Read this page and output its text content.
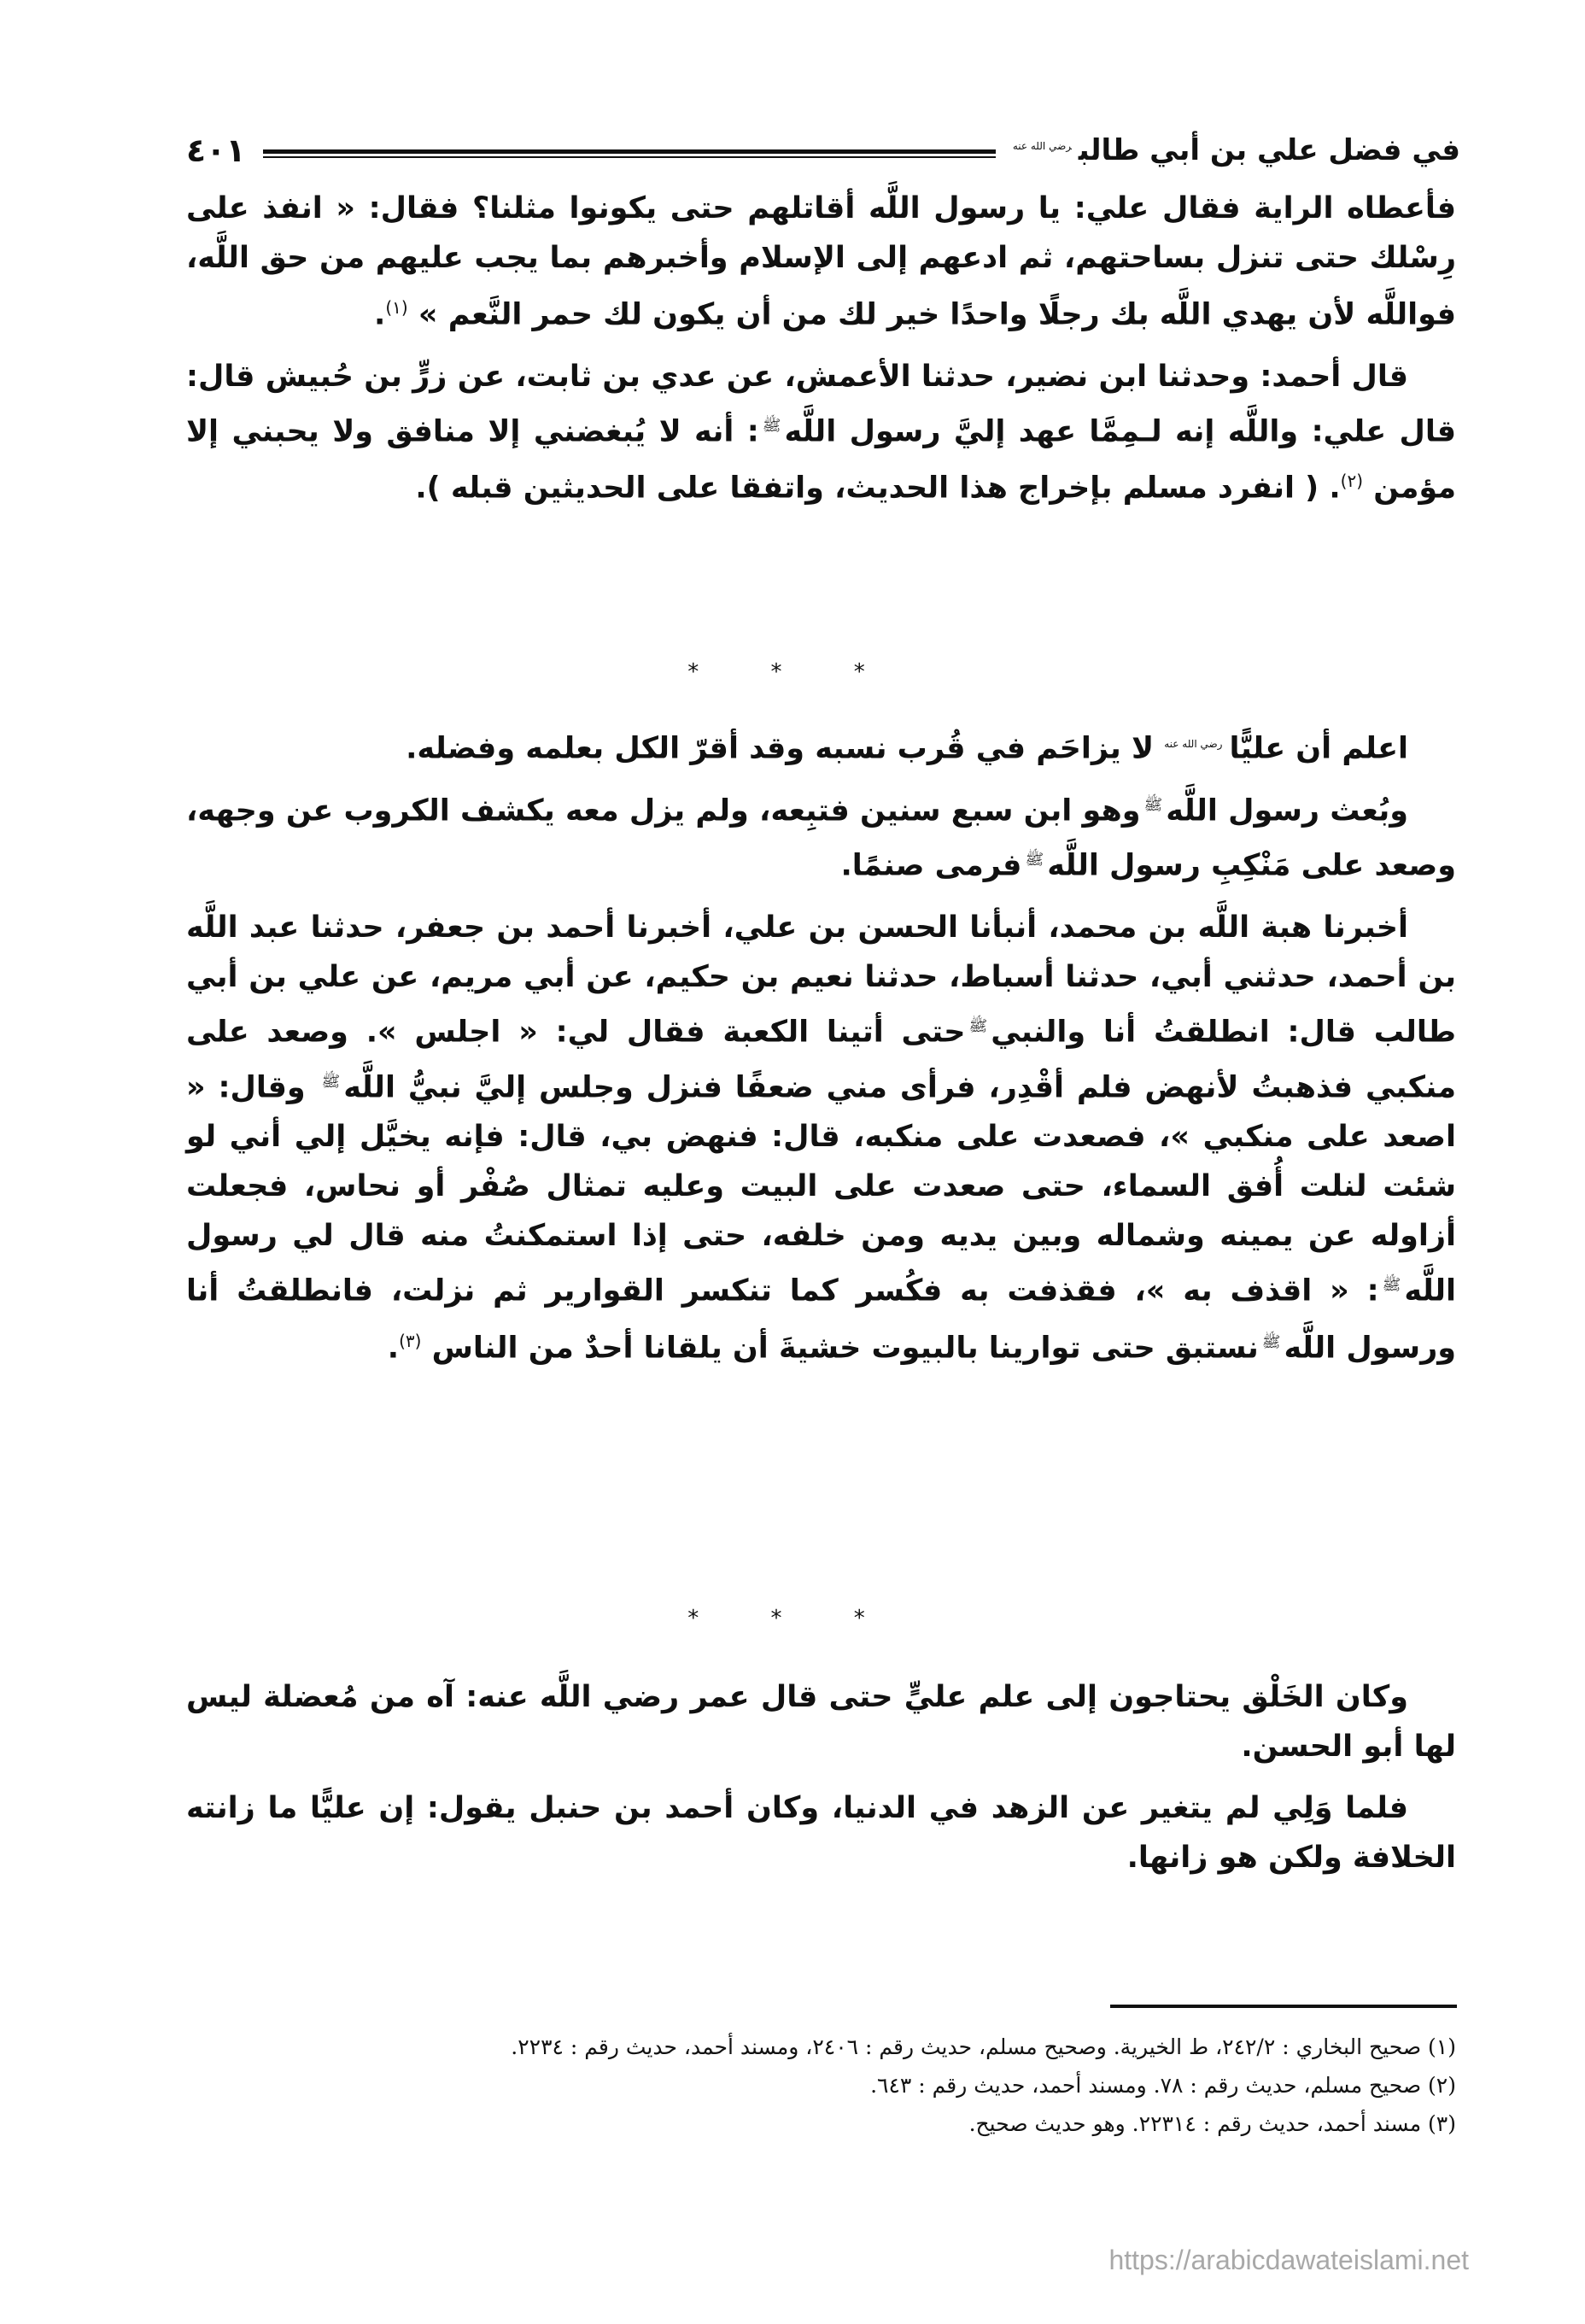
في فضل علي بن أبي طالب$^{رضي الله عنه}$
٤٠١

فأعطاه الراية فقال علي: يا رسول اللَّه أقاتلهم حتى يكونوا مثلنا؟ فقال: « انفذ على رِسْلك حتى تنزل بساحتهم، ثم ادعهم إلى الإسلام وأخبرهم بما يجب عليهم من حق اللَّه، فواللَّه لأن يهدي اللَّه بك رجلًا واحدًا خير لك من أن يكون لك حمر النَّعم » $^{(١)}$.

قال أحمد: وحدثنا ابن نضير، حدثنا الأعمش، عن عدي بن ثابت، عن زرٍّ بن حُبيش قال: قال علي: واللَّه إنه لـمِمَّا عهد إليَّ رسول اللَّه$^ﷺ$: أنه لا يُبغضني إلا منافق ولا يحبني إلا مؤمن $^{(٢)}$. ( انفرد مسلم بإخراج هذا الحديث، واتفقا على الحديثين قبله ).

* * *

اعلم أن عليًّا$^{رضي الله عنه}$ لا يزاحَم في قُرب نسبه وقد أقرّ الكل بعلمه وفضله.

وبُعث رسول اللَّه$^ﷺ$وهو ابن سبع سنين فتبِعه، ولم يزل معه يكشف الكروب عن وجهه، وصعد على مَنْكِبِ رسول اللَّه$^ﷺ$فرمى صنمًا.

أخبرنا هبة اللَّه بن محمد، أنبأنا الحسن بن علي، أخبرنا أحمد بن جعفر، حدثنا عبد اللَّه بن أحمد، حدثني أبي، حدثنا أسباط، حدثنا نعيم بن حكيم، عن أبي مريم، عن علي بن أبي طالب قال: انطلقتُ أنا والنبي$^ﷺ$حتى أتينا الكعبة فقال لي: « اجلس ». وصعد على منكبي فذهبتُ لأنهض فلم أقْدِر، فرأى مني ضعفًا فنزل وجلس إليَّ نبيُّ اللَّه$^ﷺ$ وقال: « اصعد على منكبي »، فصعدت على منكبه، قال: فنهض بي، قال: فإنه يخيَّل إلي أني لو شئت لنلت أُفق السماء، حتى صعدت على البيت وعليه تمثال صُفْر أو نحاس، فجعلت أزاوله عن يمينه وشماله وبين يديه ومن خلفه، حتى إذا استمكنتُ منه قال لي رسول اللَّه$^ﷺ$: « اقذف به »، فقذفت به فكُسر كما تنكسر القوارير ثم نزلت، فانطلقتُ أنا ورسول اللَّه$^ﷺ$نستبق حتى توارينا بالبيوت خشيةَ أن يلقانا أحدٌ من الناس $^{(٣)}$.

* * *

وكان الخَلْق يحتاجون إلى علم عليٍّ حتى قال عمر رضي اللَّه عنه: آه من مُعضلة ليس لها أبو الحسن.

فلما وَلِي لم يتغير عن الزهد في الدنيا، وكان أحمد بن حنبل يقول: إن عليًّا ما زانته الخلافة ولكن هو زانها.

(١) صحيح البخاري : ٢٤٢/٢، ط الخيرية. وصحيح مسلم، حديث رقم : ٢٤٠٦، ومسند أحمد، حديث رقم : ٢٢٣٤.

(٢) صحيح مسلم، حديث رقم : ٧٨. ومسند أحمد، حديث رقم : ٦٤٣.

(٣) مسند أحمد، حديث رقم : ٢٢٣١٤. وهو حديث صحيح.

https://arabicdawateislami.net
